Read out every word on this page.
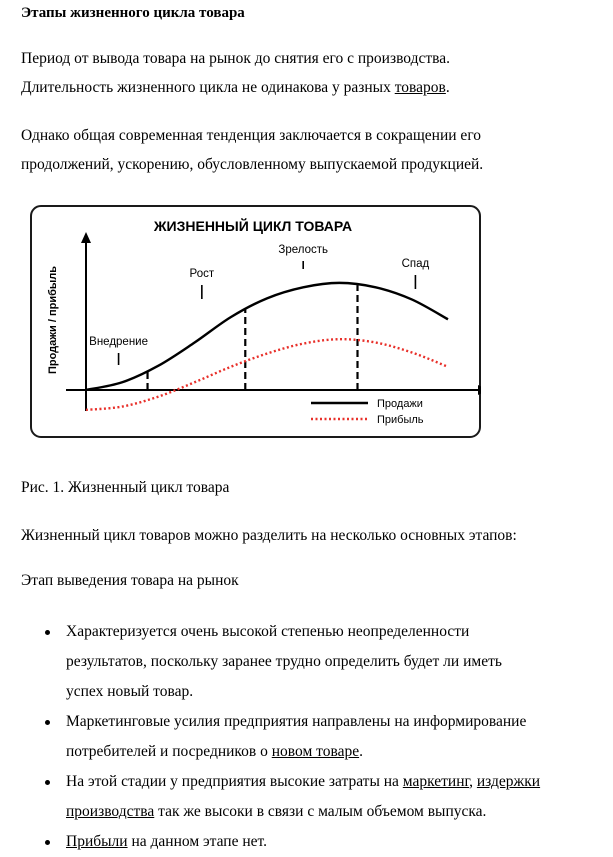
Этапы жизненного цикла товара

Период от вывода товара на рынок до снятия его с производства.
Длительность жизненного цикла не одинакова у разных товаров.

Однако общая современная тенденция заключается в сокращении его
продолжений, ускорению, обусловленному выпускаемой продукцией.

ЖИЗНЕННЫЙ ЦИКЛ ТОВАРА
Продажи / прибыль	Внедрение
Рост
Зрелость
Спад
Продажи
Прибыль

Рис. 1. Жизненный цикл товара

Жизненный цикл товаров можно разделить на несколько основных этапов:

Этап выведения товара на рынок

Характеризуется очень высокой степенью неопределенности
результатов, поскольку заранее трудно определить будет ли иметь
успех новый товар.
Маркетинговые усилия предприятия направлены на информирование
потребителей и посредников о новом товаре.
На этой стадии у предприятия высокие затраты на маркетинг, издержки
производства так же высоки в связи с малым объемом выпуска.
Прибыли на данном этапе нет.
